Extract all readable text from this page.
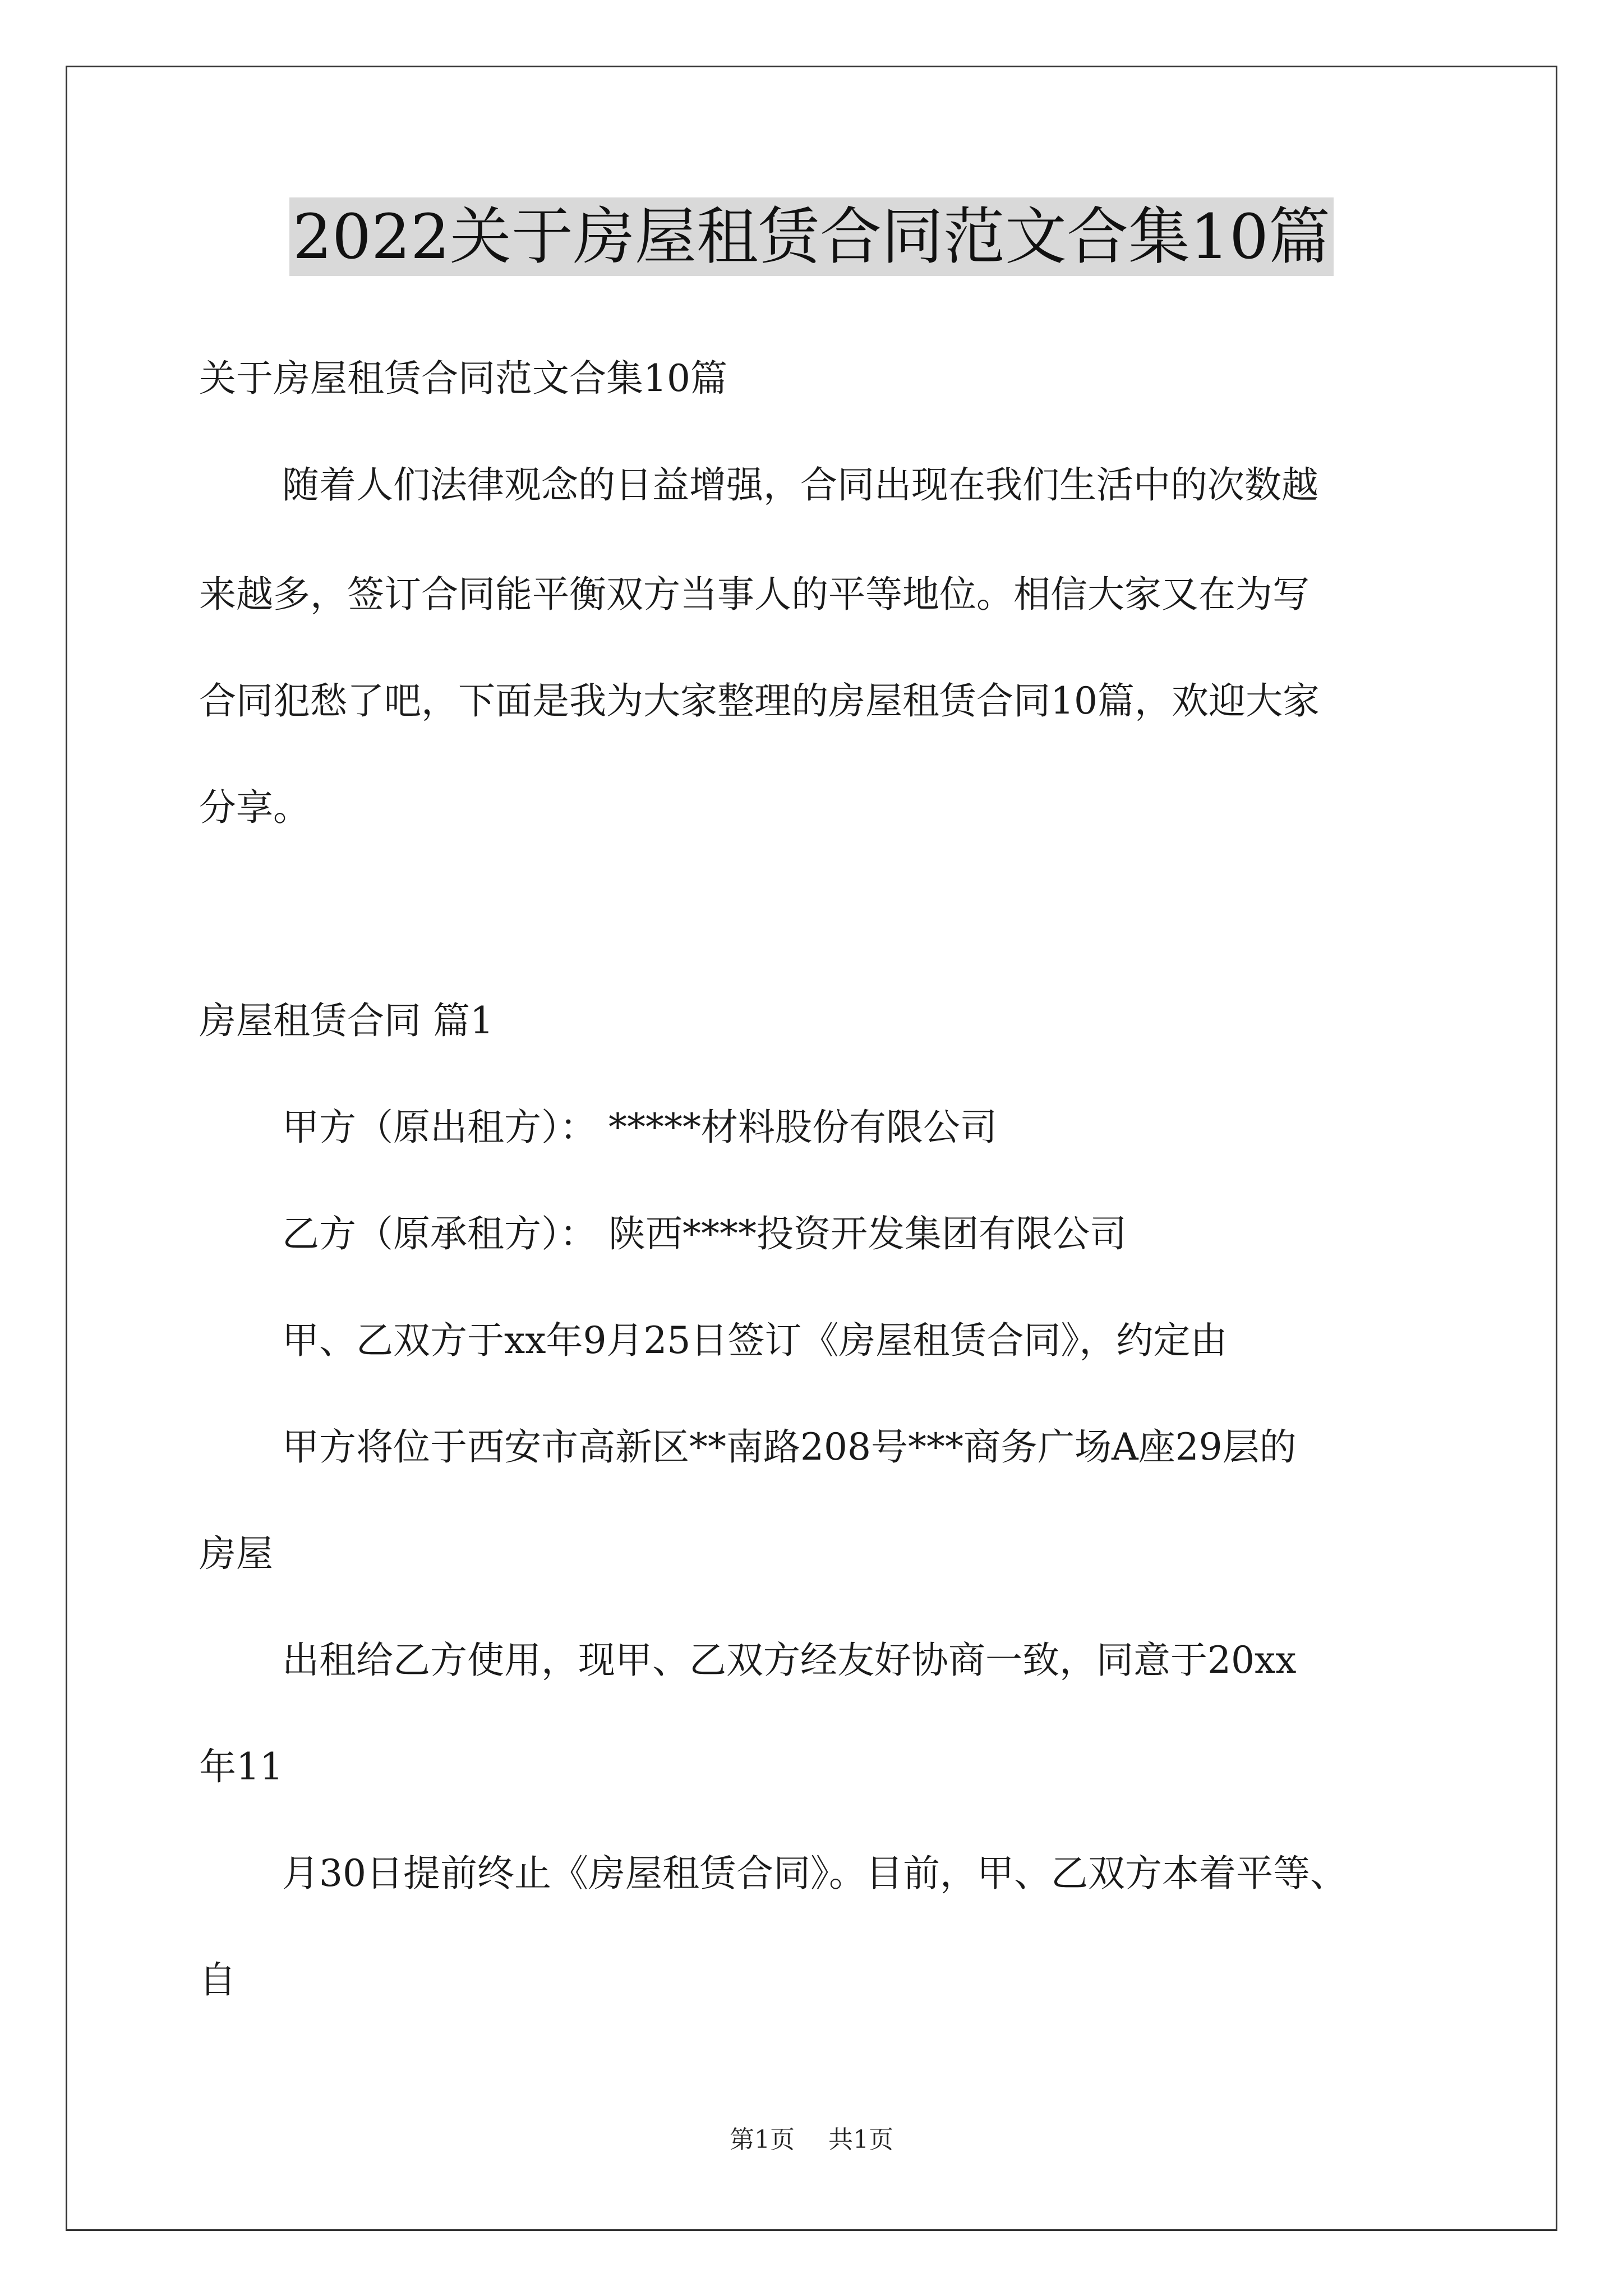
2022关于房屋租赁合同范文合集10篇
关于房屋租赁合同范文合集10篇
随着人们法律观念的日益增强，合同出现在我们生活中的次数越
来越多，签订合同能平衡双方当事人的平等地位。相信大家又在为写
合同犯愁了吧，下面是我为大家整理的房屋租赁合同10篇，欢迎大家
分享。
房屋租赁合同 篇1
甲方（原出租方）： *****材料股份有限公司
乙方（原承租方）： 陕西****投资开发集团有限公司
甲、乙双方于xx年9月25日签订《房屋租赁合同》，约定由
甲方将位于西安市高新区**南路208号***商务广场A座29层的
房屋
出租给乙方使用，现甲、乙双方经友好协商一致，同意于20xx
年11
月30日提前终止《房屋租赁合同》。目前，甲、乙双方本着平等、
自
第1页 共1页
